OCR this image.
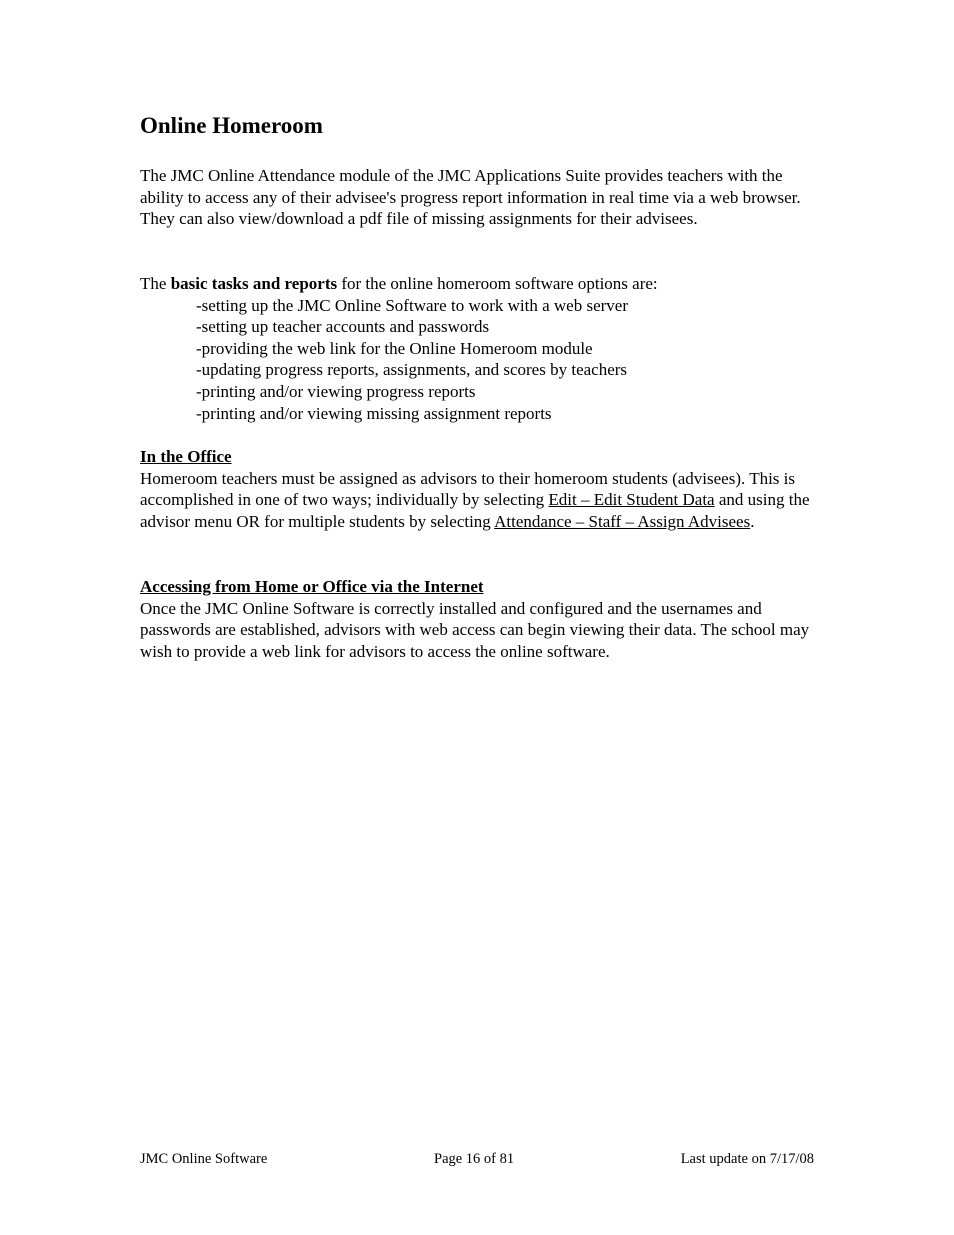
Online Homeroom

The JMC Online Attendance module of the JMC Applications Suite provides teachers with the ability to access any of their advisee's progress report information in real time via a web browser. They can also view/download a pdf file of missing assignments for their advisees.

The basic tasks and reports for the online homeroom software options are:

-setting up the JMC Online Software to work with a web server
-setting up teacher accounts and passwords
-providing the web link for the Online Homeroom module
-updating progress reports, assignments, and scores by teachers
-printing and/or viewing progress reports
-printing and/or viewing missing assignment reports
In the Office

Homeroom teachers must be assigned as advisors to their homeroom students (advisees). This is accomplished in one of two ways; individually by selecting Edit – Edit Student Data and using the advisor menu OR for multiple students by selecting Attendance – Staff – Assign Advisees.

Accessing from Home or Office via the Internet

Once the JMC Online Software is correctly installed and configured and the usernames and passwords are established, advisors with web access can begin viewing their data. The school may wish to provide a web link for advisors to access the online software.

JMC Online Software	Page 16 of 81	Last update on 7/17/08
